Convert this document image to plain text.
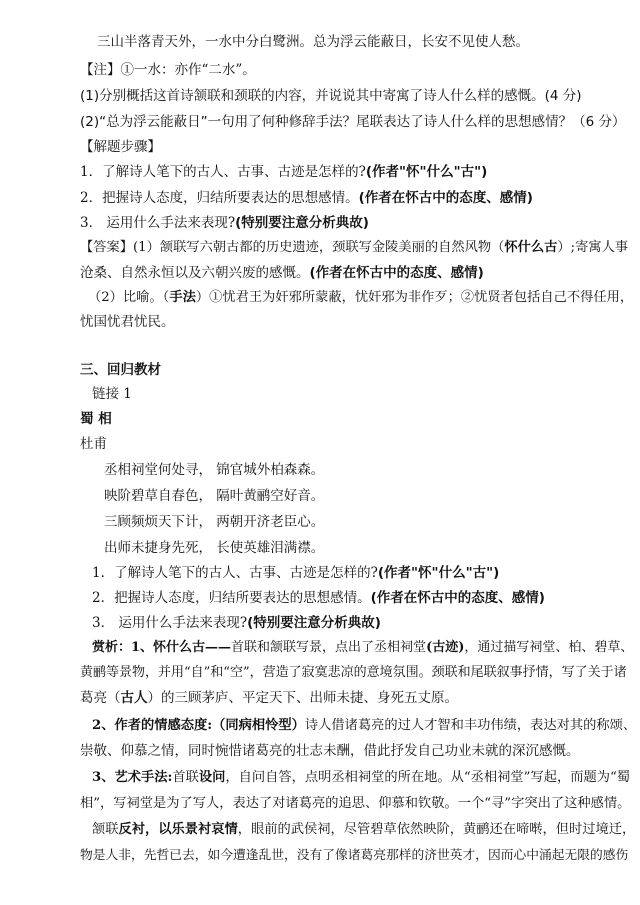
三山半落青天外，一水中分白鹭洲。总为浮云能蔽日，长安不见使人愁。
【注】①一水：亦作“二水”。
(1)分别概括这首诗颔联和颈联的内容，并说说其中寄寓了诗人什么样的感慨。(4 分)
(2)“总为浮云能蔽日”一句用了何种修辞手法？尾联表达了诗人什么样的思想感情？（6 分）
【解题步骤】
1．了解诗人笔下的古人、古事、古迹是怎样的?(作者"怀"什么"古")
2．把握诗人态度，归结所要表达的思想感情。(作者在怀古中的态度、感情)
3． 运用什么手法来表现?(特别要注意分析典故)
【答案】(1）颔联写六朝古都的历史遗迹，颈联写金陵美丽的自然风物（怀什么古）;寄寓人事
沧桑、自然永恒以及六朝兴废的感慨。(作者在怀古中的态度、感情)
（2）比喻。（手法）①忧君王为奸邪所蒙蔽，忧奸邪为非作歹；②忧贤者包括自己不得任用，
忧国忧君忧民。
三、回归教材
链接 1
蜀 相
杜甫
丞相祠堂何处寻， 锦官城外柏森森。
映阶碧草自春色， 隔叶黄鹂空好音。
三顾频烦天下计， 两朝开济老臣心。
出师未捷身先死， 长使英雄泪满襟。
1．了解诗人笔下的古人、古事、古迹是怎样的?(作者"怀"什么"古")
2．把握诗人态度，归结所要表达的思想感情。(作者在怀古中的态度、感情)
3． 运用什么手法来表现?(特别要注意分析典故)
赏析：1、怀什么古——首联和颔联写景，点出了丞相祠堂(古迹)，通过描写祠堂、柏、碧草、
黄鹂等景物，并用“自”和“空”，营造了寂寞悲凉的意境氛围。颈联和尾联叙事抒情，写了关于诸
葛亮（古人）的三顾茅庐、平定天下、出师未捷、身死五丈原。
2、作者的情感态度:（同病相怜型）诗人借诸葛亮的过人才智和丰功伟绩，表达对其的称颂、
崇敬、仰慕之情，同时惋惜诸葛亮的壮志未酬，借此抒发自己功业未就的深沉感慨。
3、艺术手法:首联设问，自问自答，点明丞相祠堂的所在地。从“丞相祠堂”写起，而题为“蜀
相”，写祠堂是为了写人，表达了对诸葛亮的追思、仰慕和钦敬。一个“寻”字突出了这种感情。
颔联反衬，以乐景衬哀情，眼前的武侯祠，尽管碧草依然映阶，黄鹂还在啼啭，但时过境迁，
物是人非，先哲已去，如今遭逢乱世，没有了像诸葛亮那样的济世英才，因而心中涌起无限的感伤
